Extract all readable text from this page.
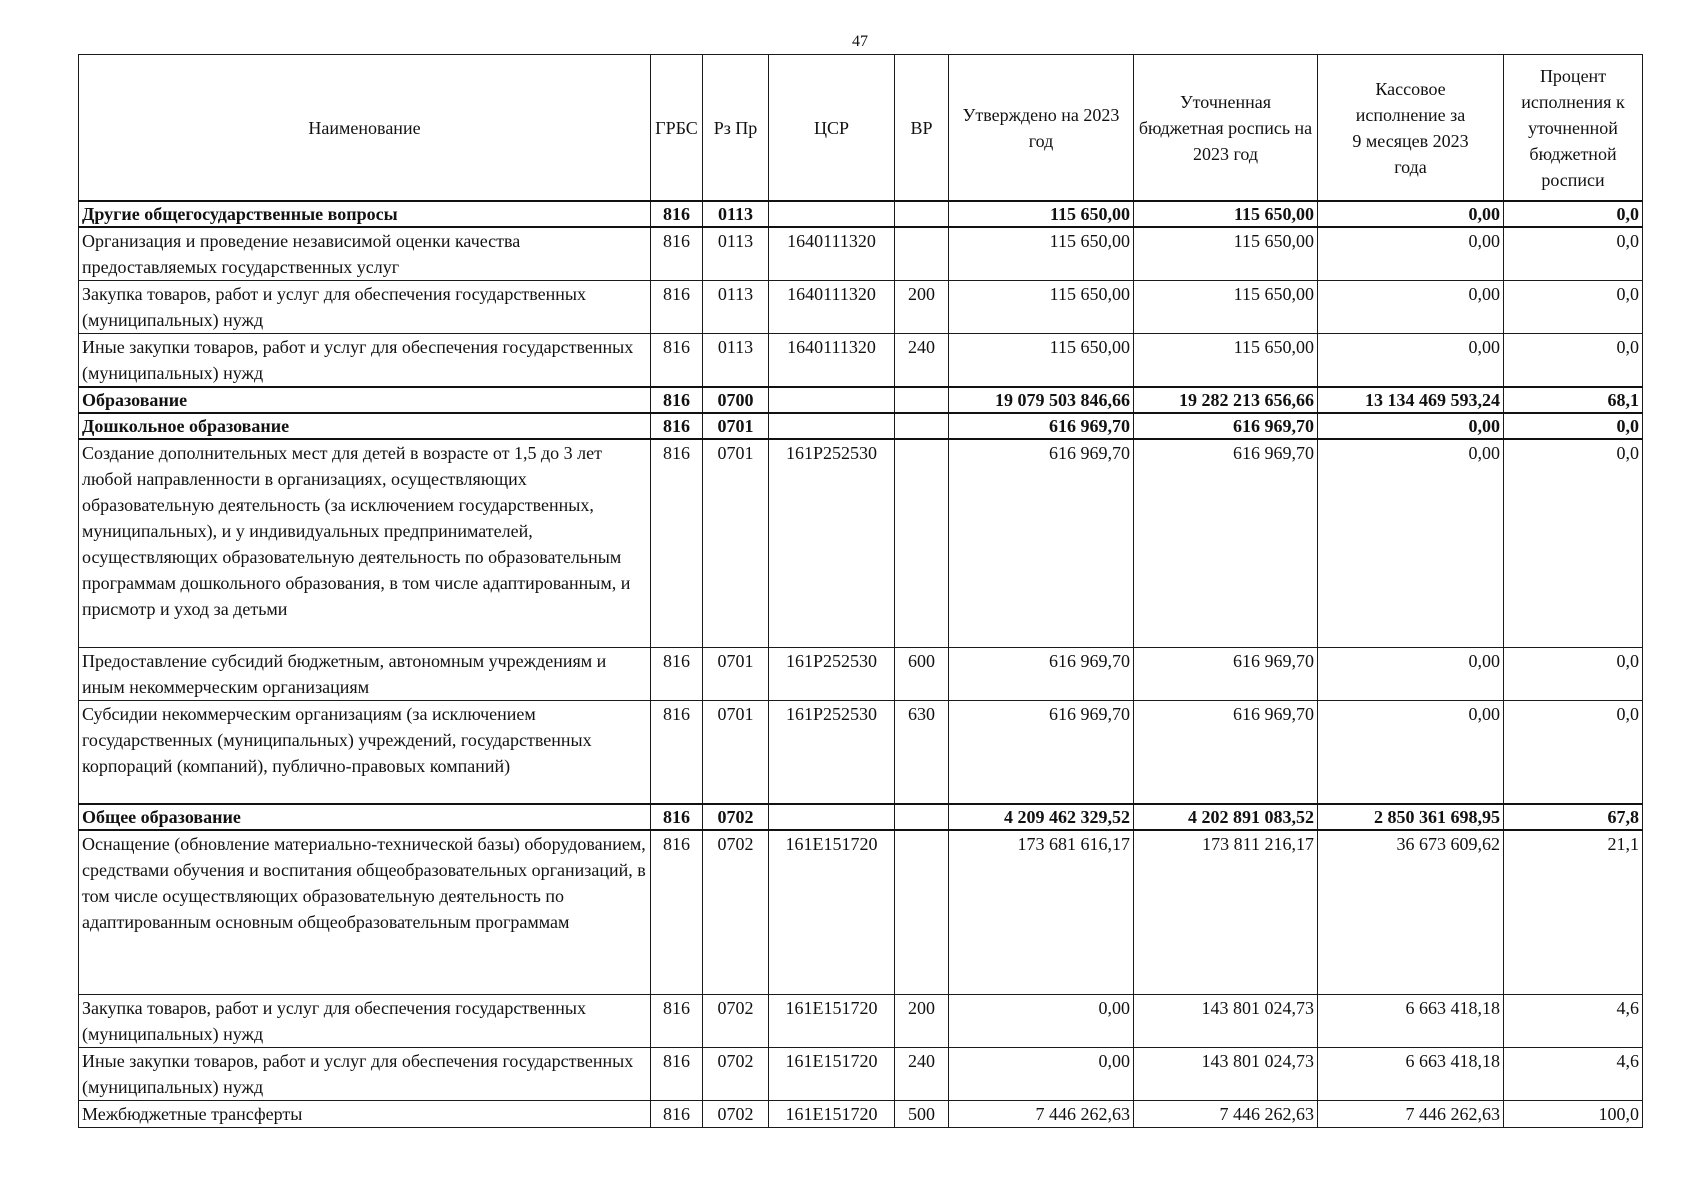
47
Наименование	ГРБС	Рз Пр	ЦСР	ВР	Утверждено на 2023 год	Уточненная бюджетная роспись на 2023 год	Кассовое исполнение за 9 месяцев 2023 года	Процент исполнения к уточненной бюджетной росписи
Другие общегосударственные вопросы	816	0113			115 650,00	115 650,00	0,00	0,0
Организация и проведение независимой оценки качества предоставляемых государственных услуг	816	0113	1640111320		115 650,00	115 650,00	0,00	0,0
Закупка товаров, работ и услуг для обеспечения государственных (муниципальных) нужд	816	0113	1640111320	200	115 650,00	115 650,00	0,00	0,0
Иные закупки товаров, работ и услуг для обеспечения государственных (муниципальных) нужд	816	0113	1640111320	240	115 650,00	115 650,00	0,00	0,0
Образование	816	0700			19 079 503 846,66	19 282 213 656,66	13 134 469 593,24	68,1
Дошкольное образование	816	0701			616 969,70	616 969,70	0,00	0,0
Создание дополнительных мест для детей в возрасте от 1,5 до 3 лет любой направленности в организациях, осуществляющих образовательную деятельность (за исключением государственных, муниципальных), и у индивидуальных предпринимателей, осуществляющих образовательную деятельность по образовательным программам дошкольного образования, в том числе адаптированным, и присмотр и уход за детьми	816	0701	161Р252530		616 969,70	616 969,70	0,00	0,0
Предоставление субсидий бюджетным, автономным учреждениям и иным некоммерческим организациям	816	0701	161Р252530	600	616 969,70	616 969,70	0,00	0,0
Субсидии некоммерческим организациям (за исключением государственных (муниципальных) учреждений, государственных корпораций (компаний), публично-правовых компаний)	816	0701	161Р252530	630	616 969,70	616 969,70	0,00	0,0
Общее образование	816	0702			4 209 462 329,52	4 202 891 083,52	2 850 361 698,95	67,8
Оснащение (обновление материально-технической базы) оборудованием, средствами обучения и воспитания общеобразовательных организаций, в том числе осуществляющих образовательную деятельность по адаптированным основным общеобразовательным программам	816	0702	161Е151720		173 681 616,17	173 811 216,17	36 673 609,62	21,1
Закупка товаров, работ и услуг для обеспечения государственных (муниципальных) нужд	816	0702	161Е151720	200	0,00	143 801 024,73	6 663 418,18	4,6
Иные закупки товаров, работ и услуг для обеспечения государственных (муниципальных) нужд	816	0702	161Е151720	240	0,00	143 801 024,73	6 663 418,18	4,6
Межбюджетные трансферты	816	0702	161Е151720	500	7 446 262,63	7 446 262,63	7 446 262,63	100,0
